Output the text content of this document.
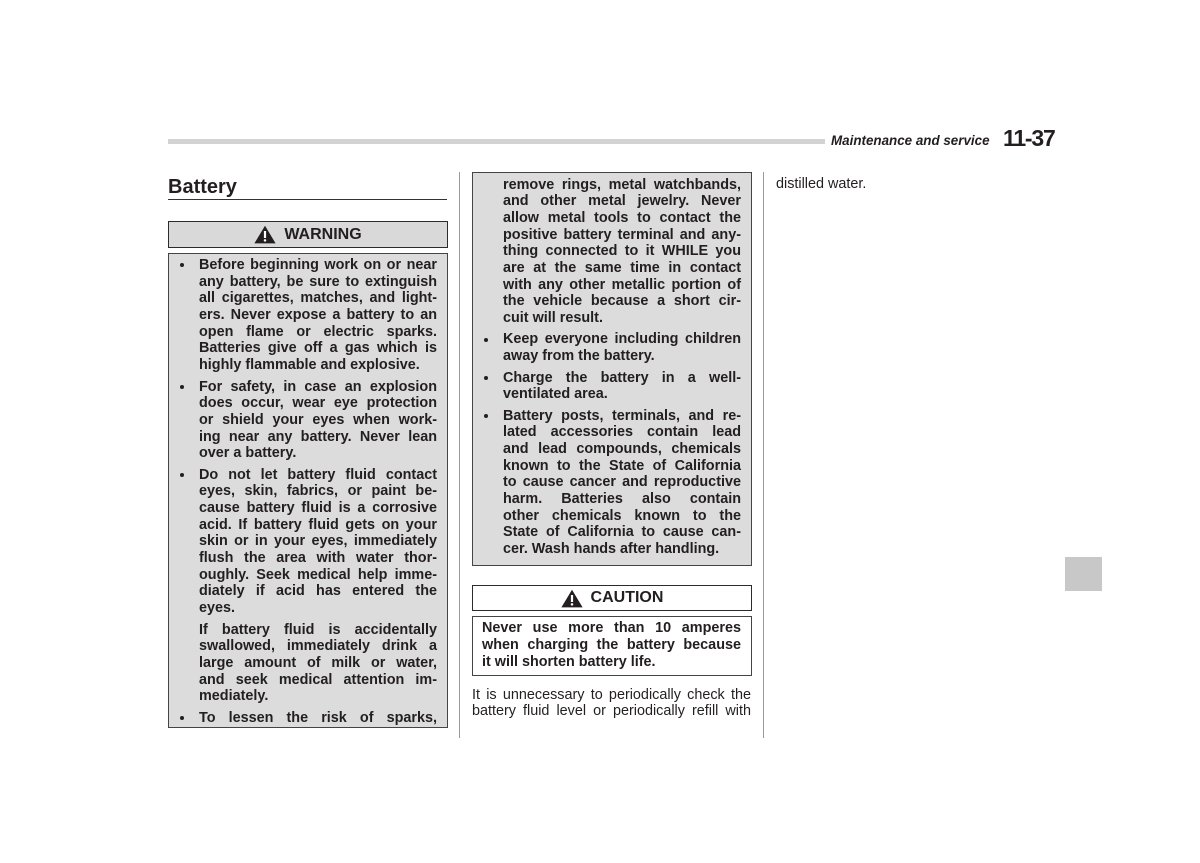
Maintenance and service 11-37
Battery
WARNING
Before beginning work on or near
any battery, be sure to extinguish
all cigarettes, matches, and light-
ers. Never expose a battery to an
open flame or electric sparks.
Batteries give off a gas which is
highly flammable and explosive.
For safety, in case an explosion
does occur, wear eye protection
or shield your eyes when work-
ing near any battery. Never lean
over a battery.
Do not let battery fluid contact
eyes, skin, fabrics, or paint be-
cause battery fluid is a corrosive
acid. If battery fluid gets on your
skin or in your eyes, immediately
flush the area with water thor-
oughly. Seek medical help imme-
diately if acid has entered the
eyes.
If battery fluid is accidentally
swallowed, immediately drink a
large amount of milk or water,
and seek medical attention im-
mediately.
To lessen the risk of sparks,
remove rings, metal watchbands,
and other metal jewelry. Never
allow metal tools to contact the
positive battery terminal and any-
thing connected to it WHILE you
are at the same time in contact
with any other metallic portion of
the vehicle because a short cir-
cuit will result.
Keep everyone including children
away from the battery.
Charge the battery in a well-
ventilated area.
Battery posts, terminals, and re-
lated accessories contain lead
and lead compounds, chemicals
known to the State of California
to cause cancer and reproductive
harm. Batteries also contain
other chemicals known to the
State of California to cause can-
cer. Wash hands after handling.
CAUTION
Never use more than 10 amperes
when charging the battery because
it will shorten battery life.
It is unnecessary to periodically check the
battery fluid level or periodically refill with
distilled water.
